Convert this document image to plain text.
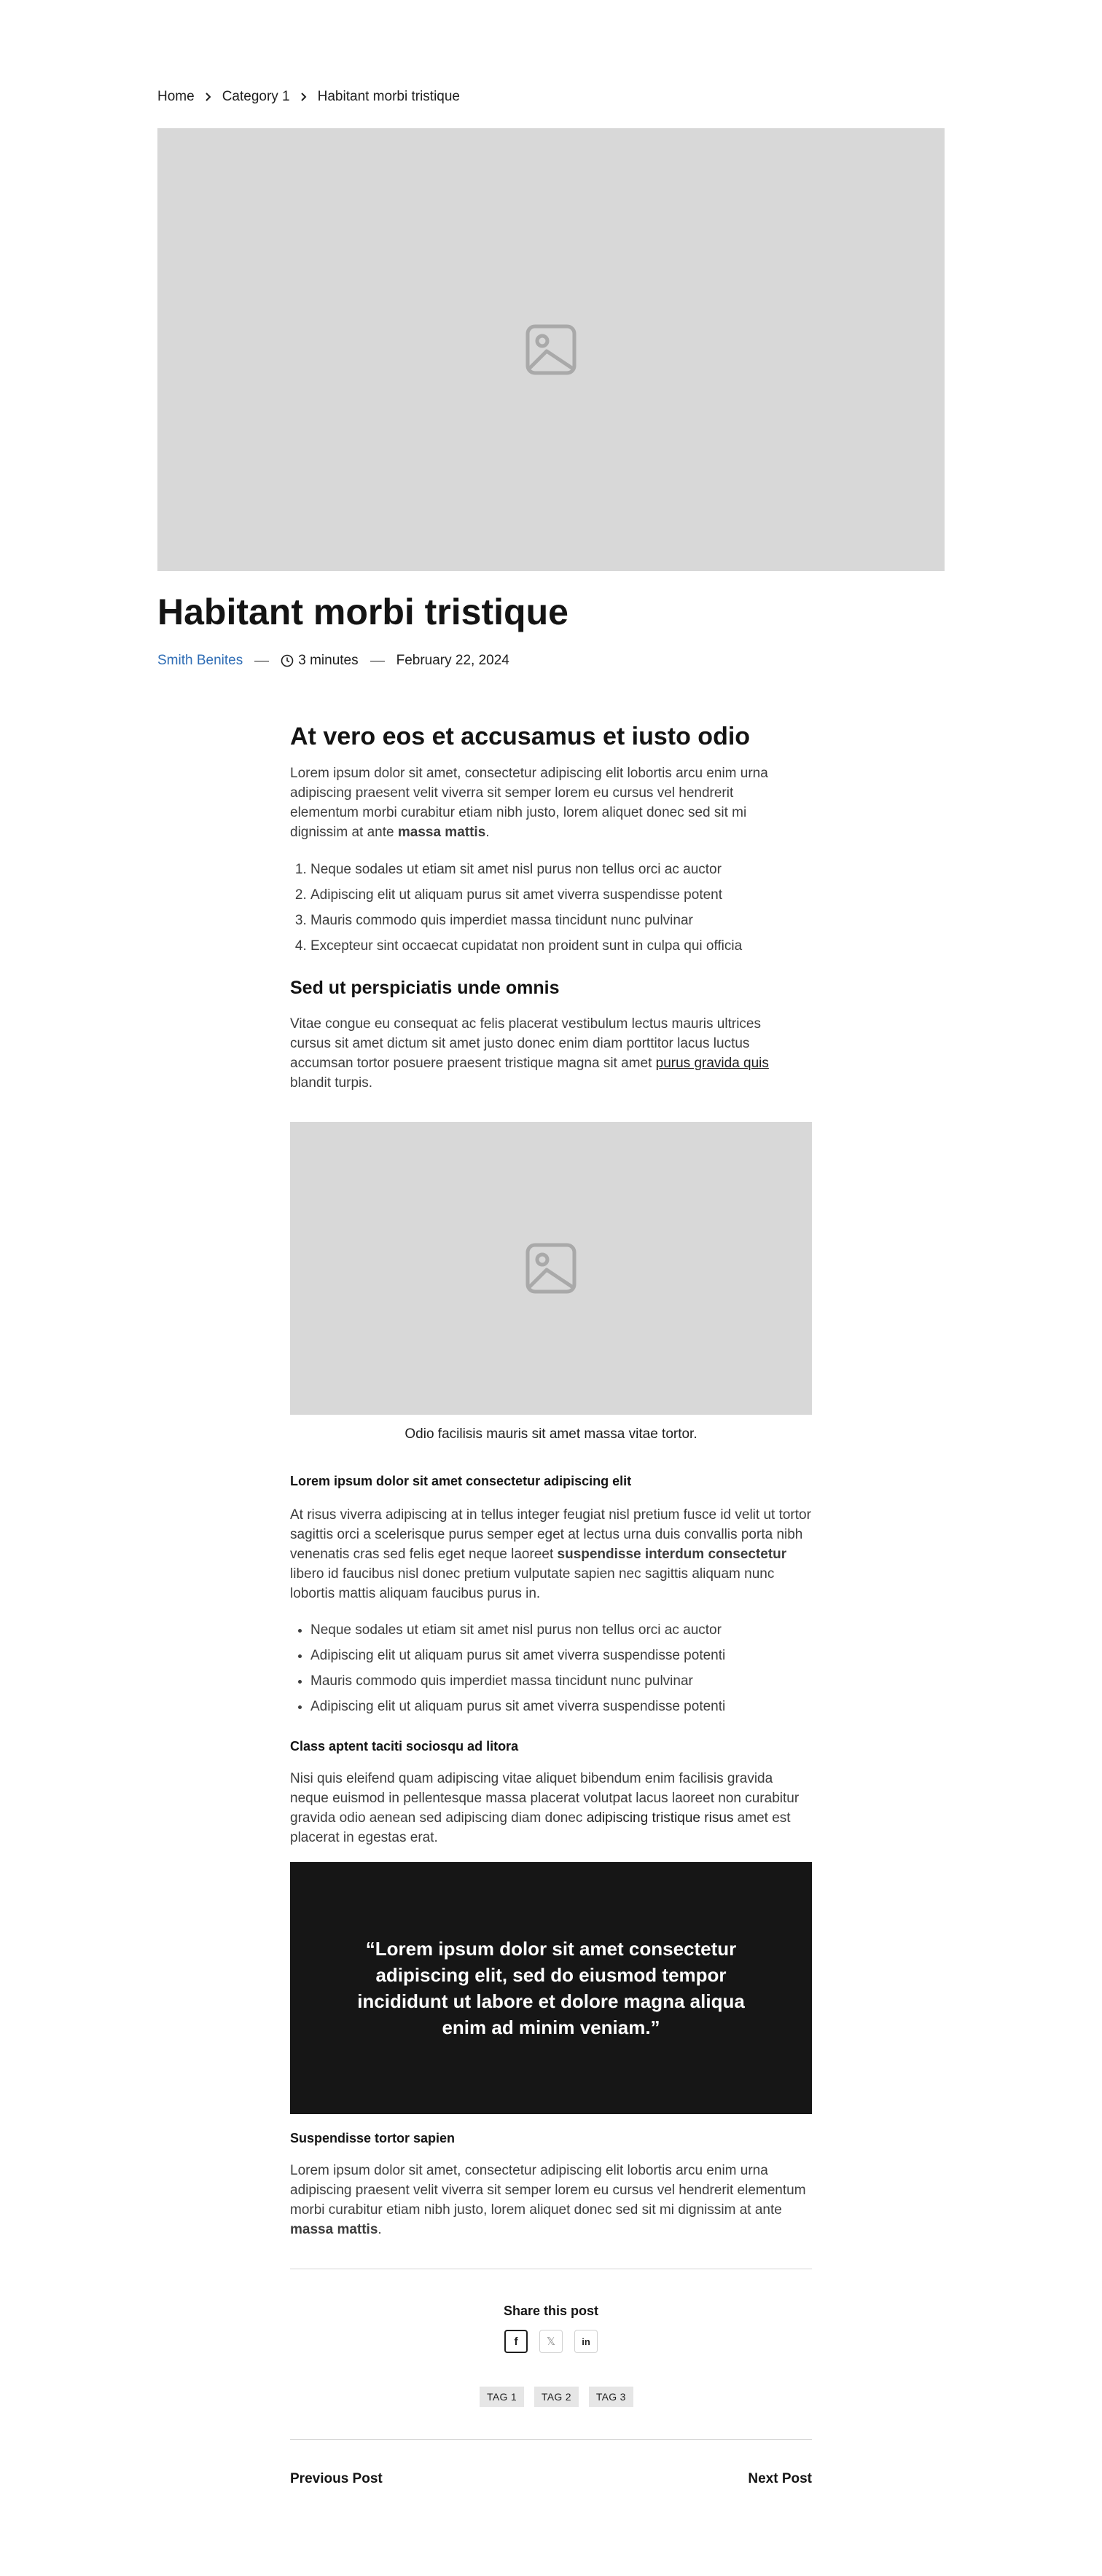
Home Category 1 Habitant morbi tristique
Habitant morbi tristique
Smith Benites	3 minutes	February 22, 2024
At vero eos et accusamus et iusto odio

Lorem ipsum dolor sit amet, consectetur adipiscing elit lobortis arcu enim urna adipiscing praesent velit viverra sit semper lorem eu cursus vel hendrerit elementum morbi curabitur etiam nibh justo, lorem aliquet donec sed sit mi dignissim at ante massa mattis.

1. Neque sodales ut etiam sit amet nisl purus non tellus orci ac auctor
2. Adipiscing elit ut aliquam purus sit amet viverra suspendisse potent
3. Mauris commodo quis imperdiet massa tincidunt nunc pulvinar
4. Excepteur sint occaecat cupidatat non proident sunt in culpa qui officia
Sed ut perspiciatis unde omnis

Vitae congue eu consequat ac felis placerat vestibulum lectus mauris ultrices cursus sit amet dictum sit amet justo donec enim diam porttitor lacus luctus accumsan tortor posuere praesent tristique magna sit amet purus gravida quis blandit turpis.

Odio facilisis mauris sit amet massa vitae tortor.
Lorem ipsum dolor sit amet consectetur adipiscing elit

At risus viverra adipiscing at in tellus integer feugiat nisl pretium fusce id velit ut tortor sagittis orci a scelerisque purus semper eget at lectus urna duis convallis porta nibh venenatis cras sed felis eget neque laoreet suspendisse interdum consectetur libero id faucibus nisl donec pretium vulputate sapien nec sagittis aliquam nunc lobortis mattis aliquam faucibus purus in.

• Neque sodales ut etiam sit amet nisl purus non tellus orci ac auctor
• Adipiscing elit ut aliquam purus sit amet viverra suspendisse potenti
• Mauris commodo quis imperdiet massa tincidunt nunc pulvinar
• Adipiscing elit ut aliquam purus sit amet viverra suspendisse potenti
Class aptent taciti sociosqu ad litora

Nisi quis eleifend quam adipiscing vitae aliquet bibendum enim facilisis gravida neque euismod in pellentesque massa placerat volutpat lacus laoreet non curabitur gravida odio aenean sed adipiscing diam donec adipiscing tristique risus amet est placerat in egestas erat.

“Lorem ipsum dolor sit amet consectetur adipiscing elit, sed do eiusmod tempor incididunt ut labore et dolore magna aliqua enim ad minim veniam.”

Suspendisse tortor sapien

Lorem ipsum dolor sit amet, consectetur adipiscing elit lobortis arcu enim urna adipiscing praesent velit viverra sit semper lorem eu cursus vel hendrerit elementum morbi curabitur etiam nibh justo, lorem aliquet donec sed sit mi dignissim at ante massa mattis.

Share this post
f	𝕏	in
TAG 1	TAG 2	TAG 3
Previous Post	Next Post
